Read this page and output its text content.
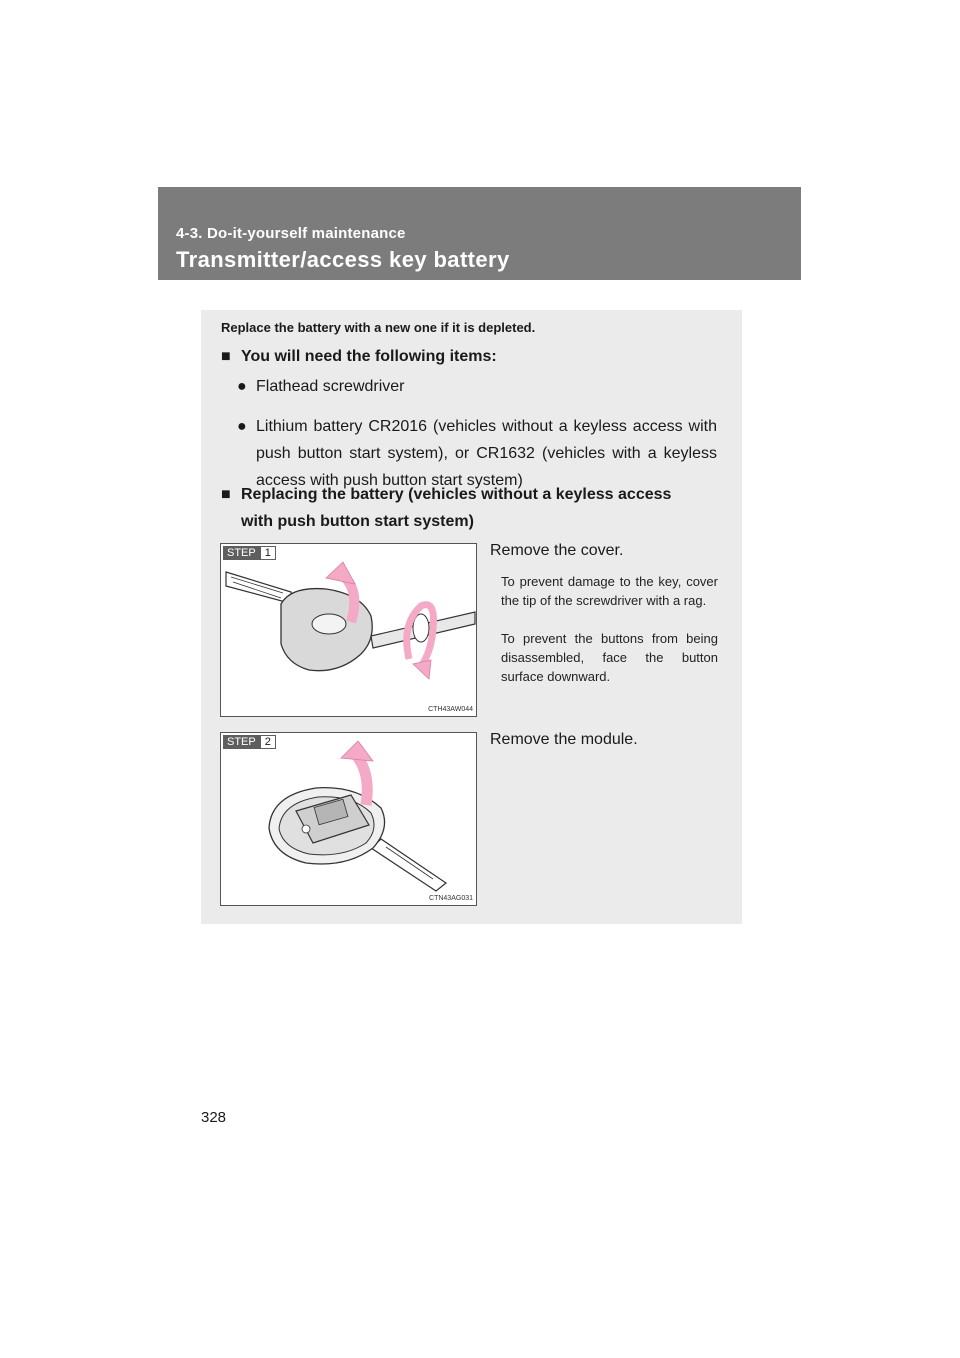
4-3. Do-it-yourself maintenance
Transmitter/access key battery
Replace the battery with a new one if it is depleted.
■ You will need the following items:
● Flathead screwdriver
● Lithium battery CR2016 (vehicles without a keyless access with push button start system), or CR1632 (vehicles with a keyless access with push button start system)
■ Replacing the battery (vehicles without a keyless access
with push button start system)
STEP 1
CTH43AW044
Remove the cover.
To prevent damage to the key, cover the tip of the screwdriver with a rag.
To prevent the buttons from being disassembled, face the button surface downward.
STEP 2
CTN43AG031
Remove the module.
328
